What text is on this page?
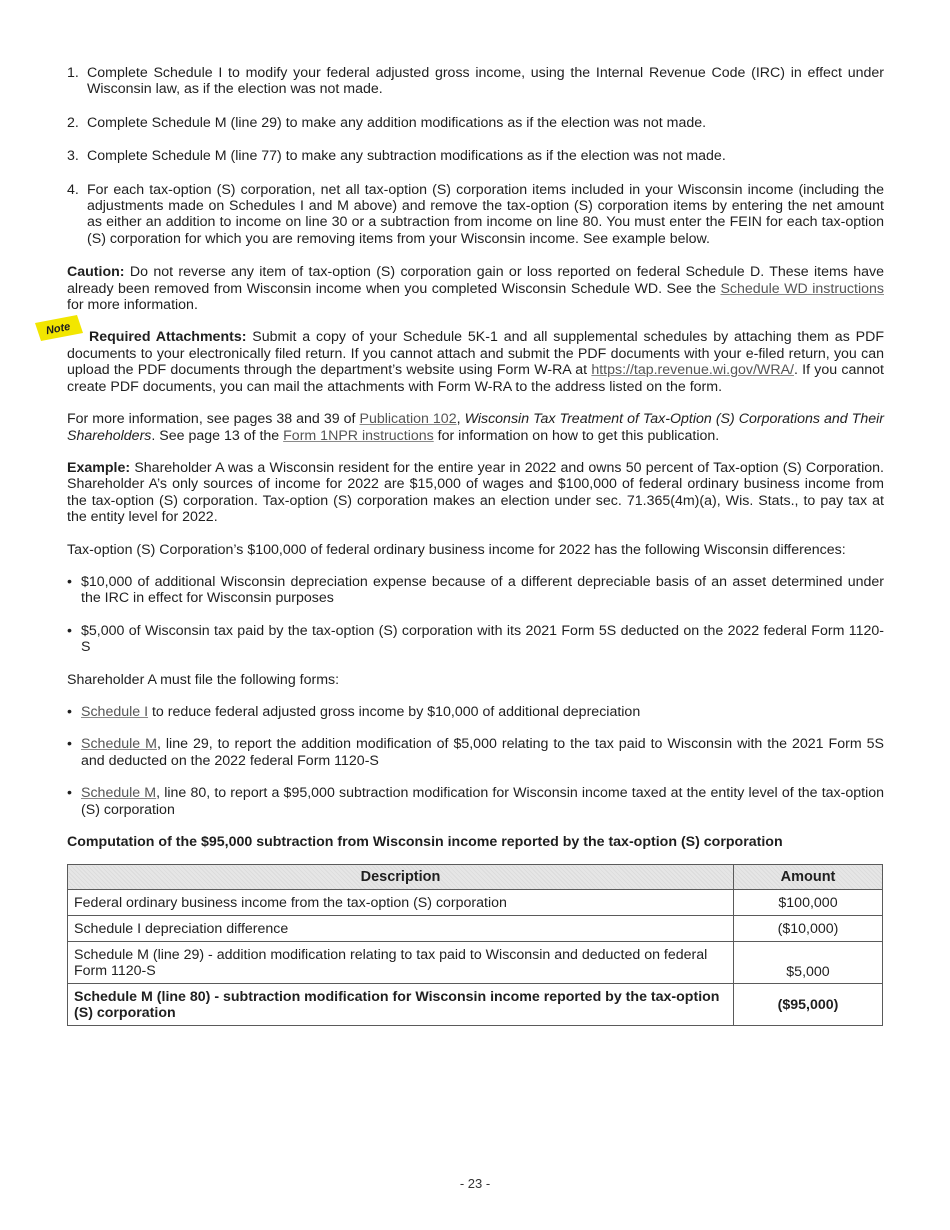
1. Complete Schedule I to modify your federal adjusted gross income, using the Internal Revenue Code (IRC) in effect under Wisconsin law, as if the election was not made.
2. Complete Schedule M (line 29) to make any addition modifications as if the election was not made.
3. Complete Schedule M (line 77) to make any subtraction modifications as if the election was not made.
4. For each tax-option (S) corporation, net all tax-option (S) corporation items included in your Wisconsin income (including the adjustments made on Schedules I and M above) and remove the tax-option (S) corporation items by entering the net amount as either an addition to income on line 30 or a subtraction from income on line 80. You must enter the FEIN for each tax-option (S) corporation for which you are removing items from your Wisconsin income. See example below.

Caution: Do not reverse any item of tax-option (S) corporation gain or loss reported on federal Schedule D. These items have already been removed from Wisconsin income when you completed Wisconsin Schedule WD. See the Schedule WD instructions for more information.

Note	Required Attachments: Submit a copy of your Schedule 5K-1 and all supplemental schedules by attaching them as PDF documents to your electronically filed return. If you cannot attach and submit the PDF documents with your e-filed return, you can upload the PDF documents through the department’s website using Form W-RA at https://tap.revenue.wi.gov/WRA/. If you cannot create PDF documents, you can mail the attachments with Form W-RA to the address listed on the form.

For more information, see pages 38 and 39 of Publication 102, Wisconsin Tax Treatment of Tax-Option (S) Corporations and Their Shareholders. See page 13 of the Form 1NPR instructions for information on how to get this publication.

Example: Shareholder A was a Wisconsin resident for the entire year in 2022 and owns 50 percent of Tax-option (S) Corporation. Shareholder A’s only sources of income for 2022 are $15,000 of wages and $100,000 of federal ordinary business income from the tax-option (S) corporation. Tax-option (S) corporation makes an election under sec. 71.365(4m)(a), Wis. Stats., to pay tax at the entity level for 2022.

Tax-option (S) Corporation’s $100,000 of federal ordinary business income for 2022 has the following Wisconsin differences:

• $10,000 of additional Wisconsin depreciation expense because of a different depreciable basis of an asset determined under the IRC in effect for Wisconsin purposes
• $5,000 of Wisconsin tax paid by the tax-option (S) corporation with its 2021 Form 5S deducted on the 2022 federal Form 1120-S

Shareholder A must file the following forms:

• Schedule I to reduce federal adjusted gross income by $10,000 of additional depreciation
• Schedule M, line 29, to report the addition modification of $5,000 relating to the tax paid to Wisconsin with the 2021 Form 5S and deducted on the 2022 federal Form 1120-S
• Schedule M, line 80, to report a $95,000 subtraction modification for Wisconsin income taxed at the entity level of the tax-option (S) corporation

Computation of the $95,000 subtraction from Wisconsin income reported by the tax-option (S) corporation

Description	Amount
Federal ordinary business income from the tax-option (S) corporation	$100,000
Schedule I depreciation difference	($10,000)
Schedule M (line 29) - addition modification relating to tax paid to Wisconsin and deducted on federal Form 1120-S	$5,000
Schedule M (line 80) - subtraction modification for Wisconsin income reported by the tax-option (S) corporation	($95,000)
- 23 -
